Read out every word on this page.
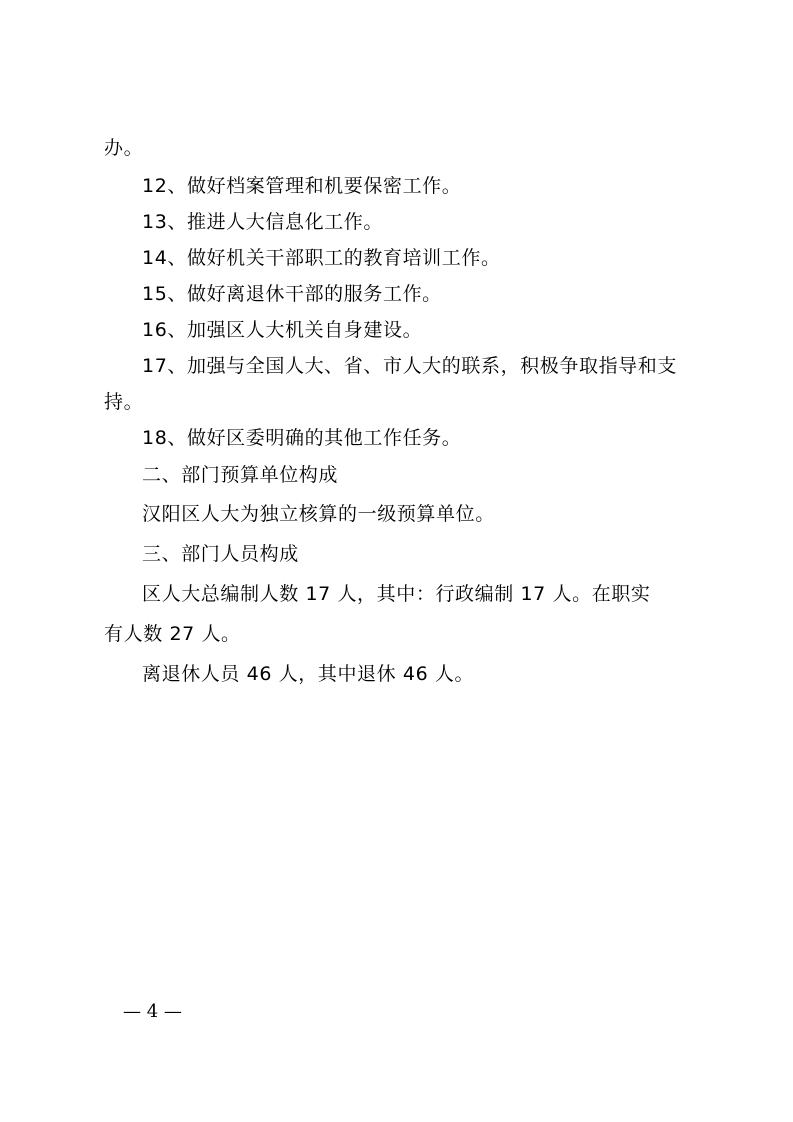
办。
12、做好档案管理和机要保密工作。
13、推进人大信息化工作。
14、做好机关干部职工的教育培训工作。
15、做好离退休干部的服务工作。
16、加强区人大机关自身建设。
17、加强与全国人大、省、市人大的联系，积极争取指导和支
持。
18、做好区委明确的其他工作任务。
二、部门预算单位构成
汉阳区人大为独立核算的一级预算单位。
三、部门人员构成
区人大总编制人数 17 人，其中：行政编制 17 人。在职实
有人数 27 人。
离退休人员 46 人，其中退休 46 人。
— 4 —
